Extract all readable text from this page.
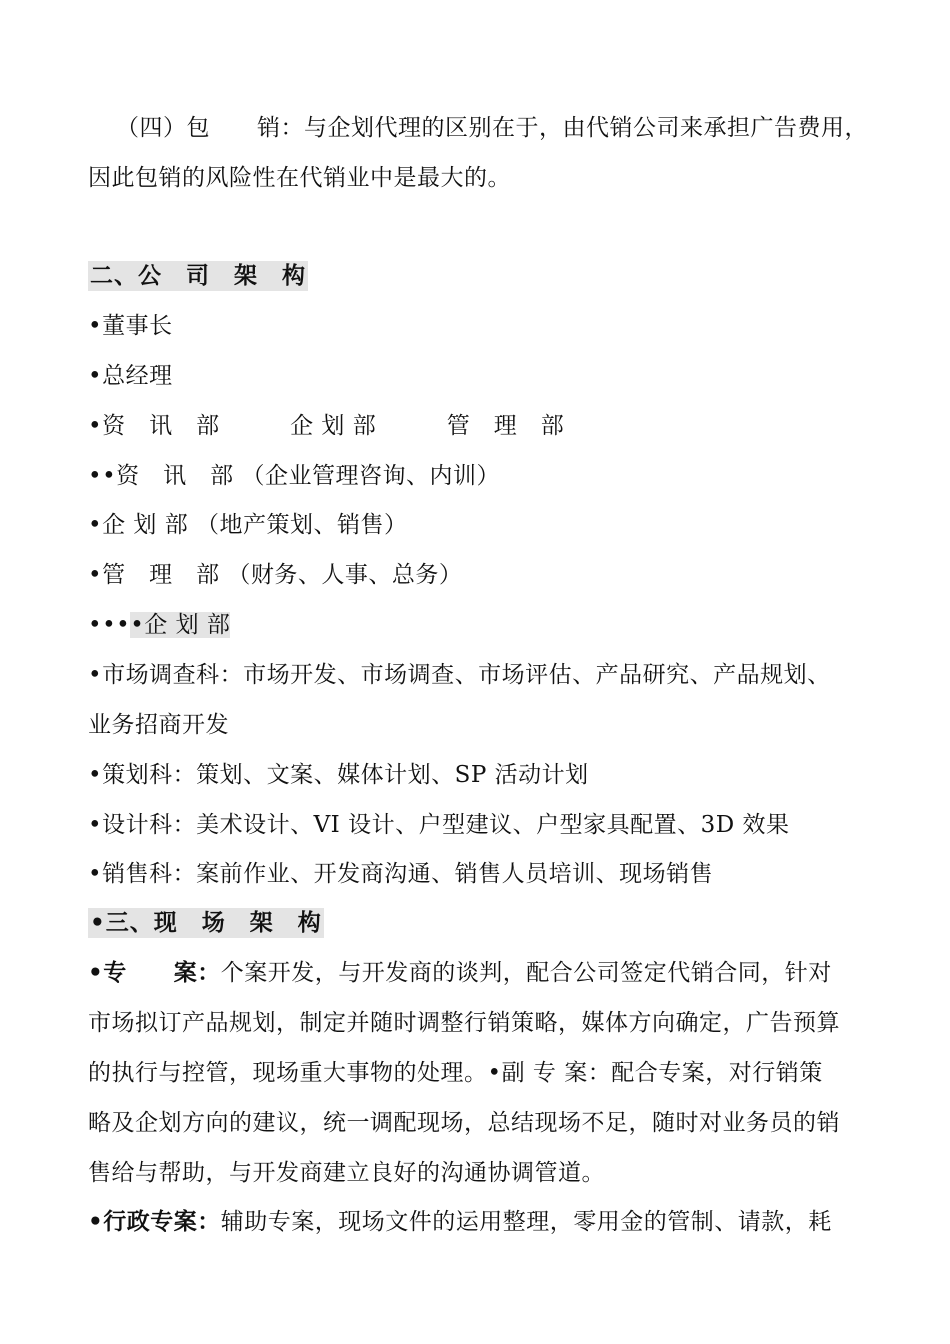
（四）包　　销：与企划代理的区别在于，由代销公司来承担广告费用，
因此包销的风险性在代销业中是最大的。
二、公　司　架　构
•董事长
•总经理
•资　讯　部　　　企 划 部　　　管　理　部
••资　讯　部 （企业管理咨询、内训）
•企 划 部 （地产策划、销售）
•管　理　部 （财务、人事、总务）
••••企 划 部
•市场调查科：市场开发、市场调查、市场评估、产品研究、产品规划、
业务招商开发
•策划科：策划、文案、媒体计划、SP 活动计划
•设计科：美术设计、VI 设计、户型建议、户型家具配置、3D 效果
•销售科：案前作业、开发商沟通、销售人员培训、现场销售
•三、现　场　架　构
•专　　案：个案开发，与开发商的谈判，配合公司签定代销合同，针对
市场拟订产品规划，制定并随时调整行销策略，媒体方向确定，广告预算
的执行与控管，现场重大事物的处理。•副 专 案：配合专案，对行销策
略及企划方向的建议，统一调配现场，总结现场不足，随时对业务员的销
售给与帮助，与开发商建立良好的沟通协调管道。
•行政专案：辅助专案，现场文件的运用整理，零用金的管制、请款，耗
